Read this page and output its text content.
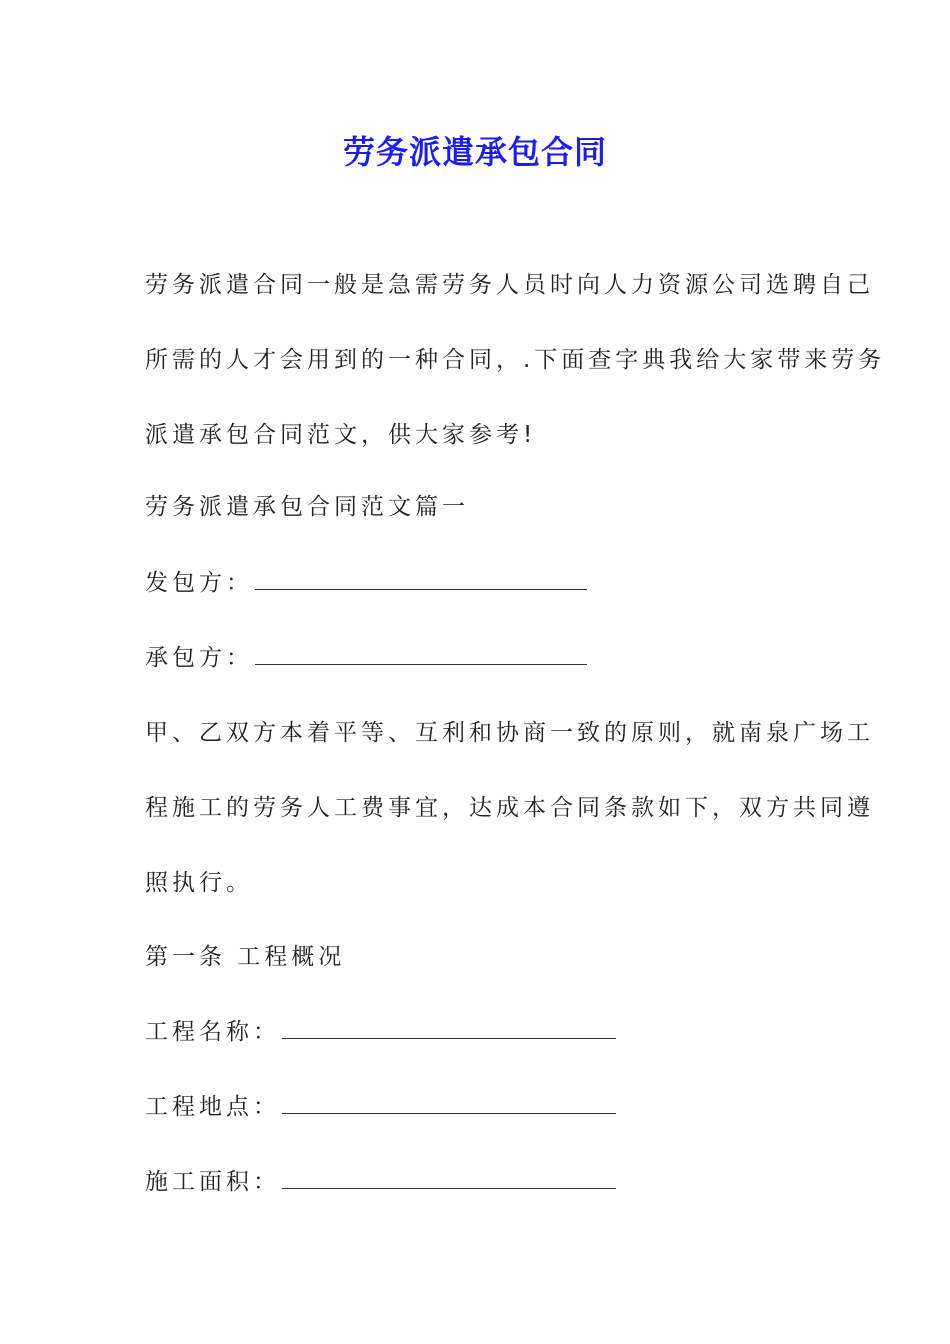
劳务派遣承包合同
劳务派遣合同一般是急需劳务人员时向人力资源公司选聘自己
所需的人才会用到的一种合同，.下面查字典我给大家带来劳务
派遣承包合同范文，供大家参考!
劳务派遣承包合同范文篇一
发包方：
承包方：
甲、乙双方本着平等、互利和协商一致的原则，就南泉广场工
程施工的劳务人工费事宜，达成本合同条款如下，双方共同遵
照执行。
第一条 工程概况
工程名称：
工程地点：
施工面积：
